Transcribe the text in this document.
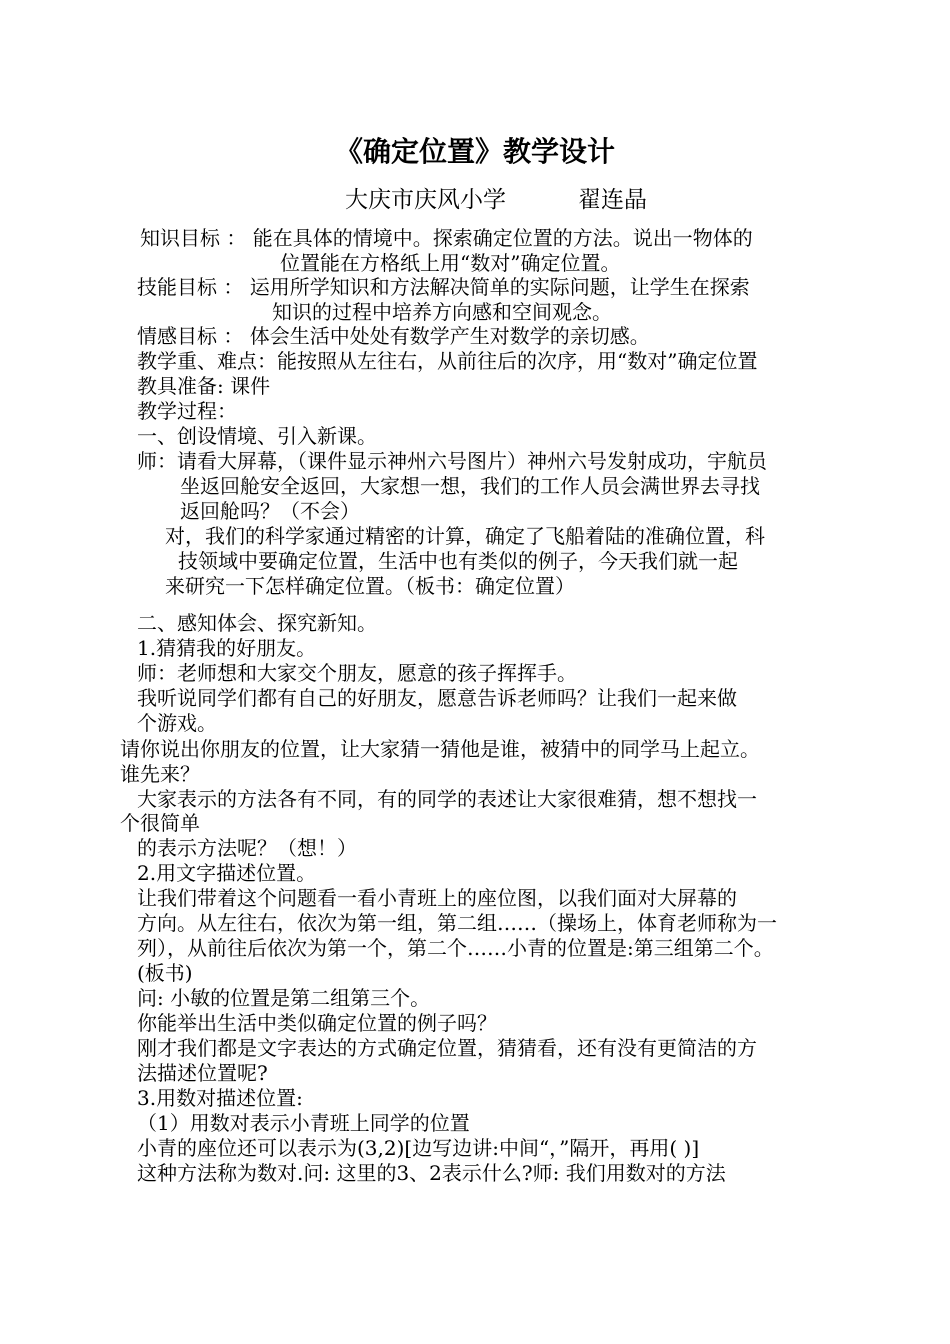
《确定位置》教学设计
大庆市庆风小学	翟连晶
知识目标 ： 能在具体的情境中。探索确定位置的方法。说出一物体的
位置能在方格纸上用“数对”确定位置。
技能目标 ： 运用所学知识和方法解决简单的实际问题，让学生在探索
知识的过程中培养方向感和空间观念。
情感目标 ： 体会生活中处处有数学产生对数学的亲切感。
教学重、难点：能按照从左往右，从前往后的次序，用“数对”确定位置
教具准备: 课件
教学过程：
一、创设情境、引入新课。
师：请看大屏幕，（课件显示神州六号图片）神州六号发射成功，宇航员
坐返回舱安全返回，大家想一想，我们的工作人员会满世界去寻找
返回舱吗？（不会）
对，我们的科学家通过精密的计算，确定了飞船着陆的准确位置，科
技领域中要确定位置，生活中也有类似的例子，今天我们就一起
来研究一下怎样确定位置。（板书：确定位置）
二、感知体会、探究新知。
1.猜猜我的好朋友。
师：老师想和大家交个朋友，愿意的孩子挥挥手。
我听说同学们都有自己的好朋友，愿意告诉老师吗？让我们一起来做
个游戏。
请你说出你朋友的位置，让大家猜一猜他是谁，被猜中的同学马上起立。
谁先来？
大家表示的方法各有不同，有的同学的表述让大家很难猜，想不想找一
个很简单
的表示方法呢？（想！）
2.用文字描述位置。
让我们带着这个问题看一看小青班上的座位图，以我们面对大屏幕的
方向。从左往右，依次为第一组，第二组……（操场上，体育老师称为一
列），从前往后依次为第一个，第二个……小青的位置是:第三组第二个。
(板书)
问: 小敏的位置是第二组第三个。
你能举出生活中类似确定位置的例子吗？
刚才我们都是文字表达的方式确定位置，猜猜看，还有没有更简洁的方
法描述位置呢?
3.用数对描述位置:
（1）用数对表示小青班上同学的位置
小青的座位还可以表示为(3,2)[边写边讲:中间“，”隔开，再用( )]
这种方法称为数对.问: 这里的3、2表示什么?师: 我们用数对的方法
